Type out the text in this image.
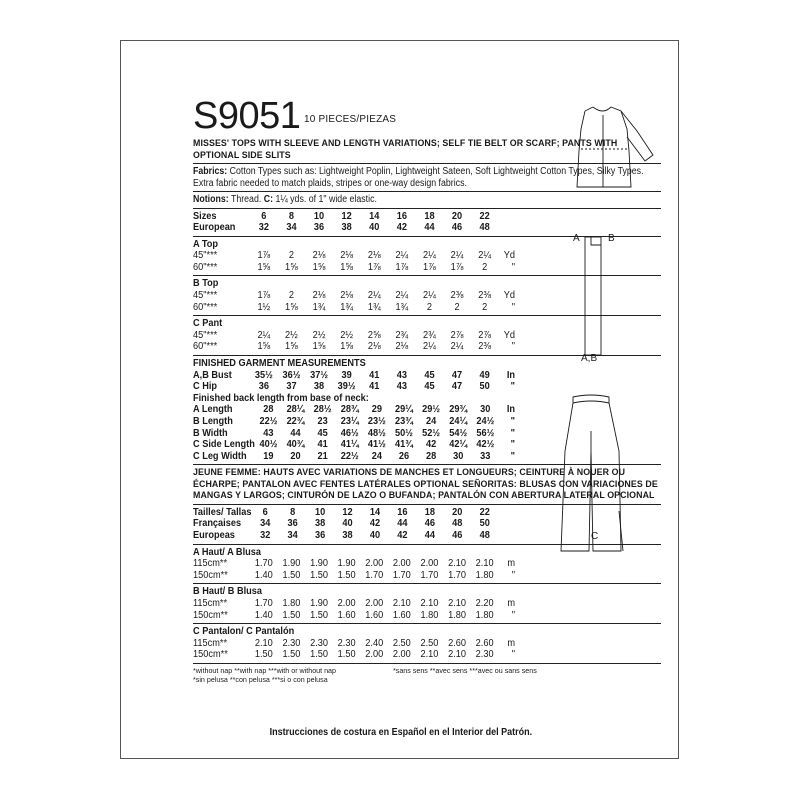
S9051 10 PIECES/PIEZAS
MISSES' TOPS WITH SLEEVE AND LENGTH VARIATIONS; SELF TIE BELT OR SCARF; PANTS WITH OPTIONAL SIDE SLITS
Fabrics: Cotton Types such as: Lightweight Poplin, Lightweight Sateen, Soft Lightweight Cotton Types, Silky Types. Extra fabric needed to match plaids, stripes or one-way design fabrics.
Notions: Thread. C: 1¼ yds. of 1" wide elastic.
Sizes	6	8	10	12	14	16	18	20	22	
European	32	34	36	38	40	42	44	46	48	
A Top
45"***	1⅞	2	2⅛	2⅛	2⅛	2¼	2¼	2¼	2¼	Yd
60"***	1⅝	1⅝	1⅝	1⅝	1⅞	1⅞	1⅞	1⅞	2	"
B Top
45"***	1⅞	2	2⅛	2⅛	2¼	2¼	2¼	2⅜	2⅜	Yd
60"***	1½	1⅝	1¾	1¾	1¾	1¾	2	2	2	"
C Pant
45"***	2¼	2½	2½	2½	2⅝	2¾	2¾	2⅞	2⅞	Yd
60"***	1⅝	1⅝	1⅝	1⅝	2⅛	2⅛	2¼	2¼	2⅜	"
FINISHED GARMENT MEASUREMENTS
A,B Bust	35½	36½	37½	39	41	43	45	47	49	In
C Hip	36	37	38	39½	41	43	45	47	50	"
Finished back length from base of neck:
A Length	28	28¼	28½	28¾	29	29¼	29½	29¾	30	In
B Length	22½	22¾	23	23¼	23½	23¾	24	24¼	24½	"
B Width	43	44	45	46½	48½	50½	52½	54½	56½	"
C Side Length	40½	40¾	41	41¼	41½	41¾	42	42¼	42½	"
C Leg Width	19	20	21	22½	24	26	28	30	33	"
JEUNE FEMME: HAUTS AVEC VARIATIONS DE MANCHES ET LONGUEURS; CEINTURE À NOUER OU ÉCHARPE; PANTALON AVEC FENTES LATÉRALES OPTIONAL SEÑORITAS: BLUSAS CON VARIACIONES DE MANGAS Y LARGOS; CINTURÓN DE LAZO O BUFANDA; PANTALÓN CON ABERTURA LATERAL OPCIONAL
Tailles/ Tallas	6	8	10	12	14	16	18	20	22	
Françaises	34	36	38	40	42	44	46	48	50	
Europeas	32	34	36	38	40	42	44	46	48	
A Haut/ A Blusa
115cm**	1.70	1.90	1.90	1.90	2.00	2.00	2.00	2.10	2.10	m
150cm**	1.40	1.50	1.50	1.50	1.70	1.70	1.70	1.70	1.80	"
B Haut/ B Blusa
115cm**	1.70	1.80	1.90	2.00	2.00	2.10	2.10	2.10	2.20	m
150cm**	1.40	1.50	1.50	1.60	1.60	1.60	1.80	1.80	1.80	"
C Pantalon/ C Pantalón
115cm**	2.10	2.30	2.30	2.30	2.40	2.50	2.50	2.60	2.60	m
150cm**	1.50	1.50	1.50	1.50	2.00	2.00	2.10	2.10	2.30	"
*without nap **with nap ***with or without nap
*sin pelusa **con pelusa ***si o con pelusa
*sans sens **avec sens ***avec ou sans sens
Instrucciones de costura en Español en el Interior del Patrón.
A	B
A,B
C
